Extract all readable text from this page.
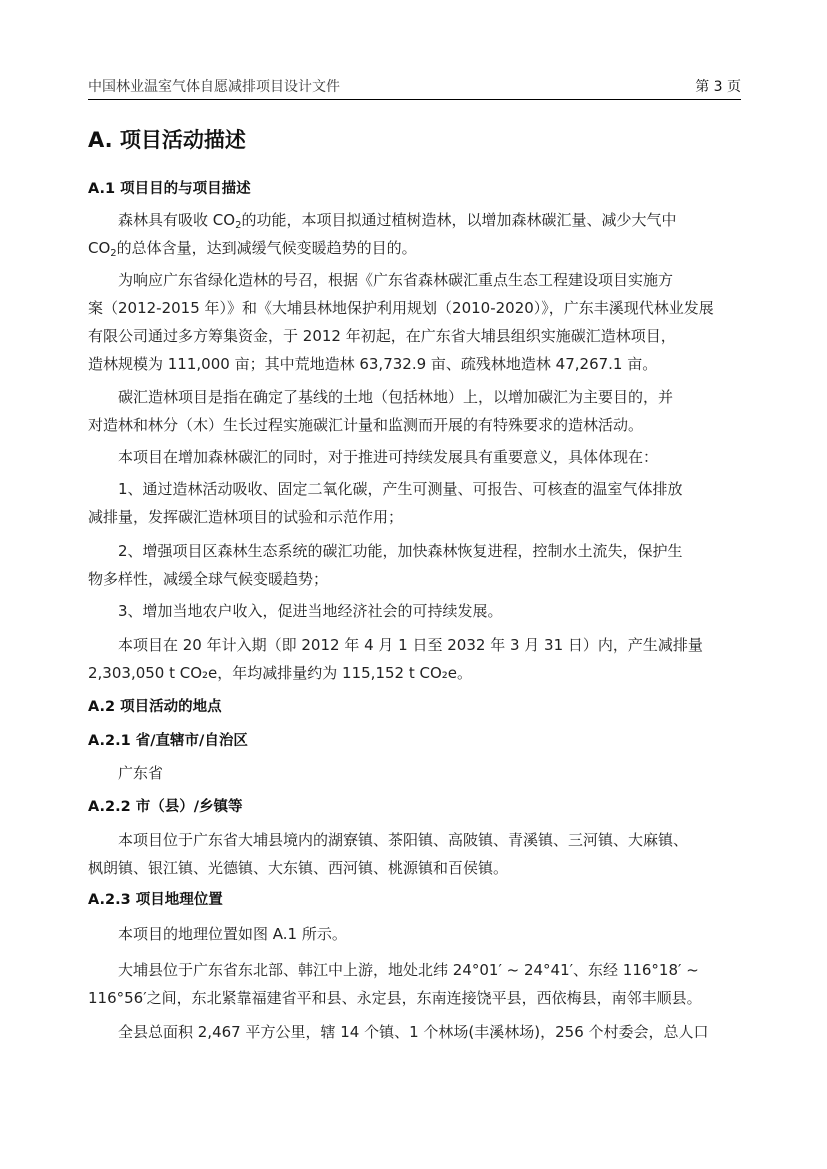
中国林业温室气体自愿减排项目设计文件	第 3 页
A. 项目活动描述
A.1 项目目的与项目描述
森林具有吸收 $CO_2$的功能，本项目拟通过植树造林，以增加森林碳汇量、减少大气中
$CO_2$的总体含量，达到减缓气候变暖趋势的目的。
为响应广东省绿化造林的号召，根据《广东省森林碳汇重点生态工程建设项目实施方
案（2012-2015 年）》和《大埔县林地保护利用规划（2010-2020）》，广东丰溪现代林业发展
有限公司通过多方筹集资金，于 2012 年初起，在广东省大埔县组织实施碳汇造林项目，
造林规模为 111,000 亩；其中荒地造林 63,732.9 亩、疏残林地造林 47,267.1 亩。
碳汇造林项目是指在确定了基线的土地（包括林地）上，以增加碳汇为主要目的，并
对造林和林分（木）生长过程实施碳汇计量和监测而开展的有特殊要求的造林活动。
本项目在增加森林碳汇的同时，对于推进可持续发展具有重要意义，具体体现在：
1、通过造林活动吸收、固定二氧化碳，产生可测量、可报告、可核查的温室气体排放
减排量，发挥碳汇造林项目的试验和示范作用；
2、增强项目区森林生态系统的碳汇功能，加快森林恢复进程，控制水土流失，保护生
物多样性，减缓全球气候变暖趋势；
3、增加当地农户收入，促进当地经济社会的可持续发展。
本项目在 20 年计入期（即 2012 年 4 月 1 日至 2032 年 3 月 31 日）内，产生减排量
2,303,050 t CO₂e，年均减排量约为 115,152 t CO₂e。
A.2 项目活动的地点
A.2.1 省/直辖市/自治区
广东省
A.2.2 市（县）/乡镇等
本项目位于广东省大埔县境内的湖寮镇、茶阳镇、高陂镇、青溪镇、三河镇、大麻镇、
枫朗镇、银江镇、光德镇、大东镇、西河镇、桃源镇和百侯镇。
A.2.3 项目地理位置
本项目的地理位置如图 A.1 所示。
大埔县位于广东省东北部、韩江中上游，地处北纬 24°01′ ~ 24°41′、东经 116°18′ ~
116°56′之间，东北紧靠福建省平和县、永定县，东南连接饶平县，西依梅县，南邻丰顺县。
全县总面积 2,467 平方公里，辖 14 个镇、1 个林场(丰溪林场)，256 个村委会，总人口
